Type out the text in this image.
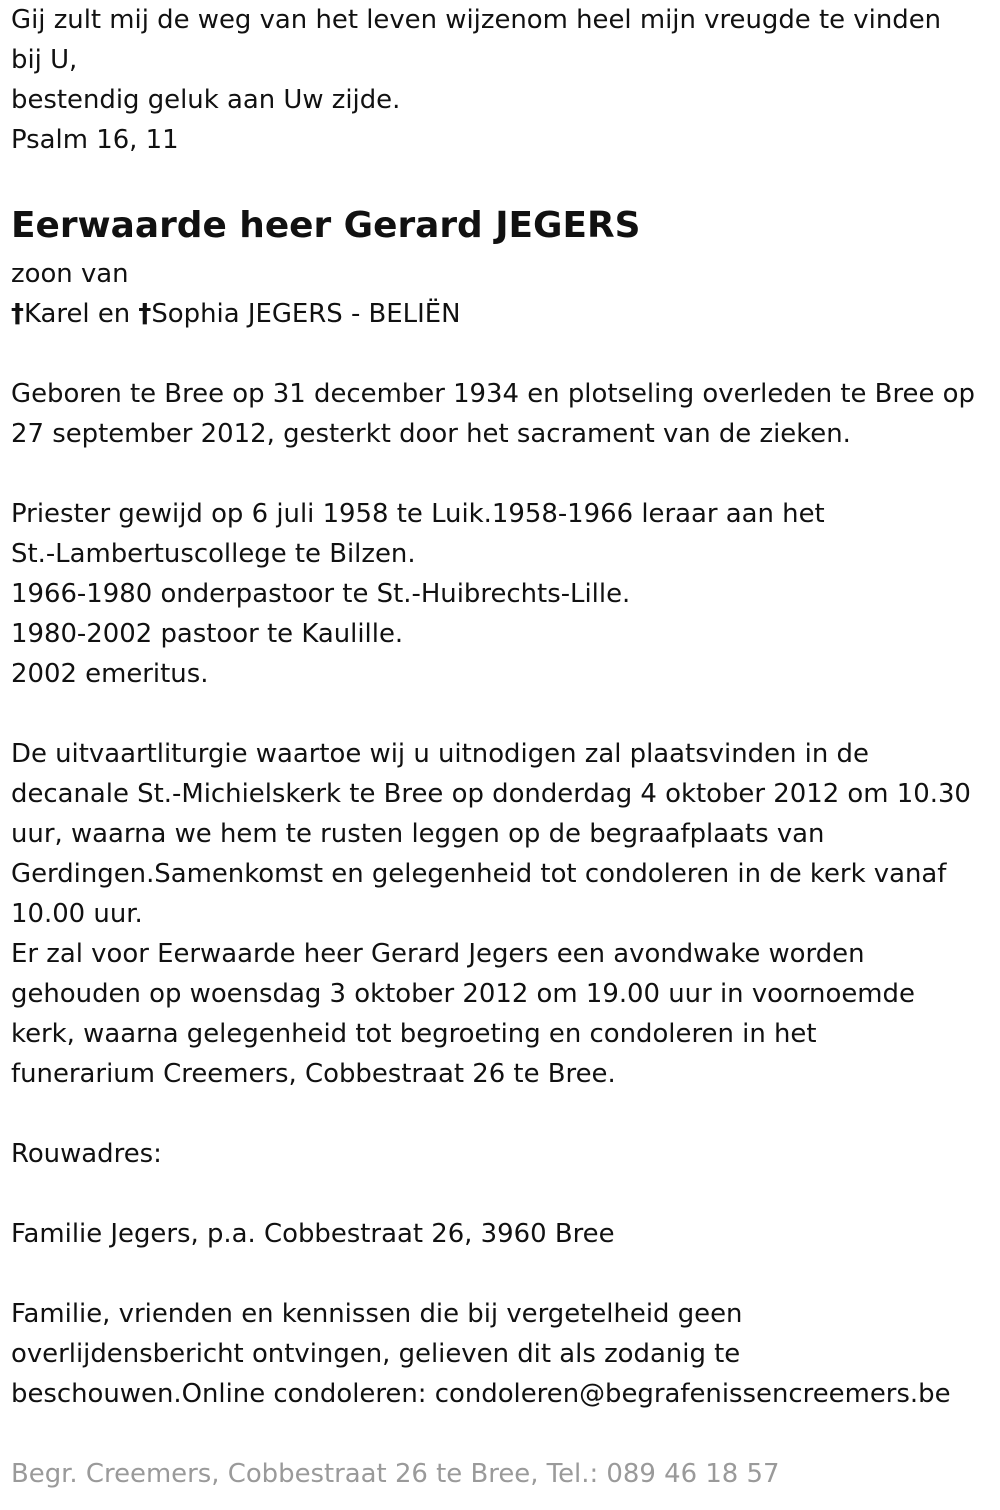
Gij zult mij de weg van het leven wijzenom heel mijn vreugde te vinden
bij U,
bestendig geluk aan Uw zijde.
Psalm 16, 11
Eerwaarde heer Gerard JEGERS
zoon van
†Karel en †Sophia JEGERS - BELIËN
Geboren te Bree op 31 december 1934 en plotseling overleden te Bree op
27 september 2012, gesterkt door het sacrament van de zieken.
Priester gewijd op 6 juli 1958 te Luik.1958-1966 leraar aan het
St.-Lambertuscollege te Bilzen.
1966-1980 onderpastoor te St.-Huibrechts-Lille.
1980-2002 pastoor te Kaulille.
2002 emeritus.
De uitvaartliturgie waartoe wij u uitnodigen zal plaatsvinden in de
decanale St.-Michielskerk te Bree op donderdag 4 oktober 2012 om 10.30
uur, waarna we hem te rusten leggen op de begraafplaats van
Gerdingen.Samenkomst en gelegenheid tot condoleren in de kerk vanaf
10.00 uur.
Er zal voor Eerwaarde heer Gerard Jegers een avondwake worden
gehouden op woensdag 3 oktober 2012 om 19.00 uur in voornoemde
kerk, waarna gelegenheid tot begroeting en condoleren in het
funerarium Creemers, Cobbestraat 26 te Bree.
Rouwadres:
Familie Jegers, p.a. Cobbestraat 26, 3960 Bree
Familie, vrienden en kennissen die bij vergetelheid geen
overlijdensbericht ontvingen, gelieven dit als zodanig te
beschouwen.Online condoleren: condoleren@begrafenissencreemers.be
Begr. Creemers, Cobbestraat 26 te Bree, Tel.: 089 46 18 57
